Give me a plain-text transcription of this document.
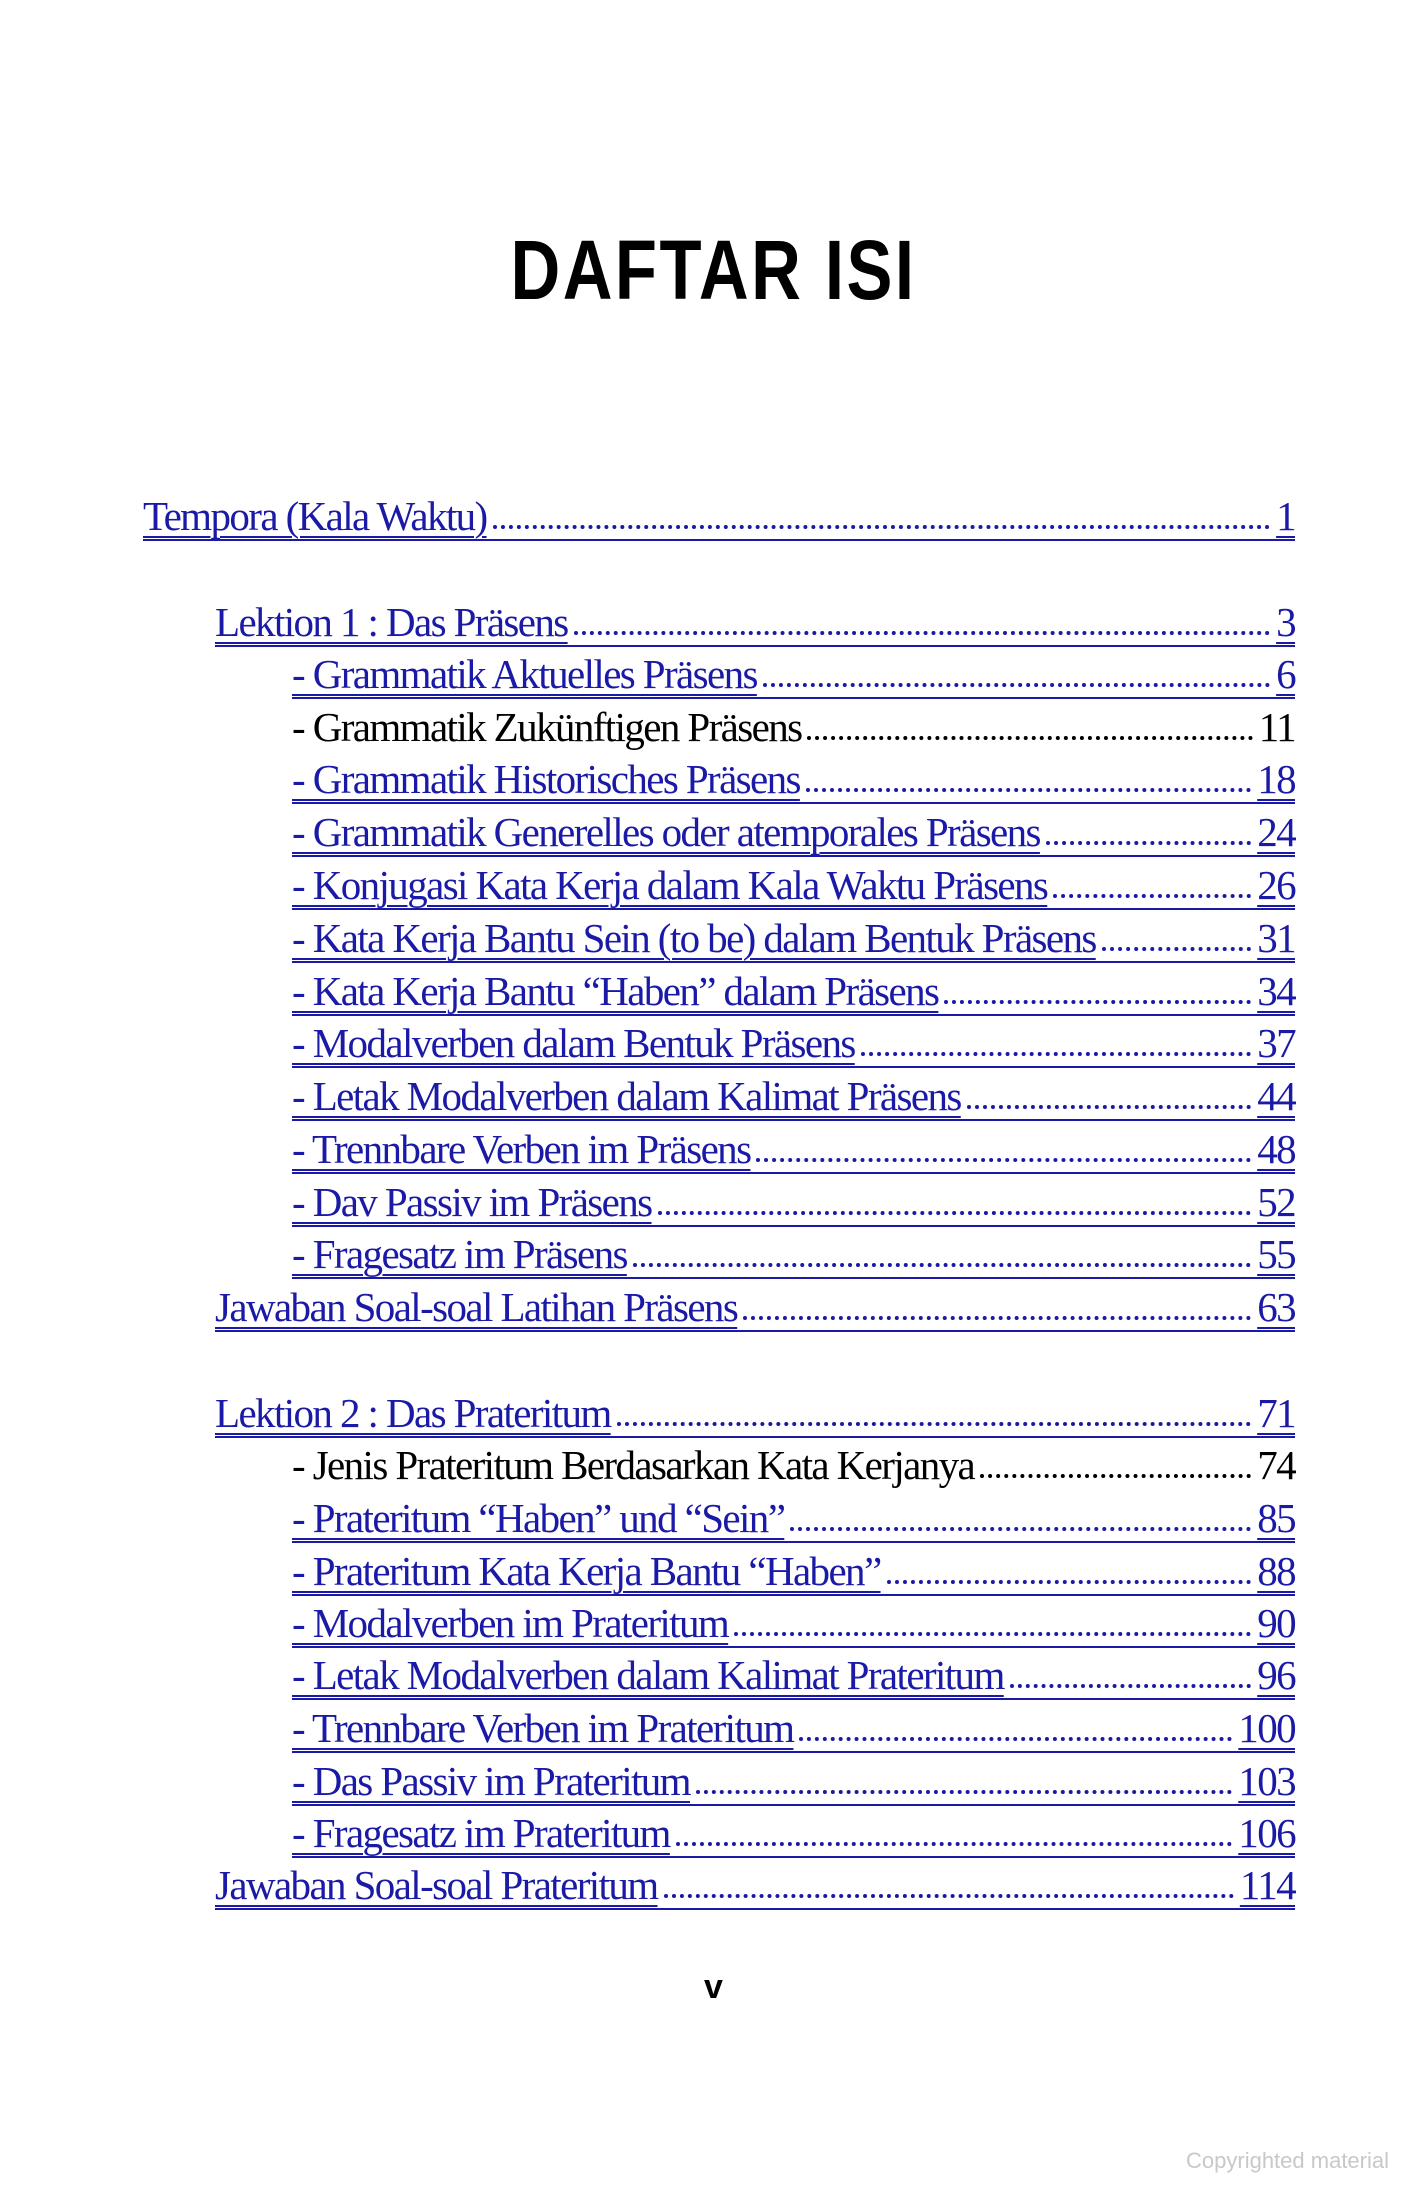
DAFTAR ISI
Tempora (Kala Waktu)	1
Lektion 1 : Das Präsens	3
- Grammatik Aktuelles Präsens	6
- Grammatik Zukünftigen Präsens	11
- Grammatik Historisches Präsens	18
- Grammatik Generelles oder atemporales Präsens	24
- Konjugasi Kata Kerja dalam Kala Waktu Präsens	26
- Kata Kerja Bantu Sein (to be) dalam Bentuk Präsens	31
- Kata Kerja Bantu “Haben” dalam Präsens	34
- Modalverben dalam Bentuk Präsens	37
- Letak Modalverben dalam Kalimat Präsens	44
- Trennbare Verben im Präsens	48
- Dav Passiv im Präsens	52
- Fragesatz im Präsens	55
Jawaban Soal-soal Latihan Präsens	63
Lektion 2 : Das Prateritum	71
- Jenis Prateritum Berdasarkan Kata Kerjanya	74
- Prateritum “Haben” und “Sein”	85
- Prateritum Kata Kerja Bantu “Haben”	88
- Modalverben im Prateritum	90
- Letak Modalverben dalam Kalimat Prateritum	96
- Trennbare Verben im Prateritum	100
- Das Passiv im Prateritum	103
- Fragesatz im Prateritum	106
Jawaban Soal-soal Prateritum	114
v
Copyrighted material
